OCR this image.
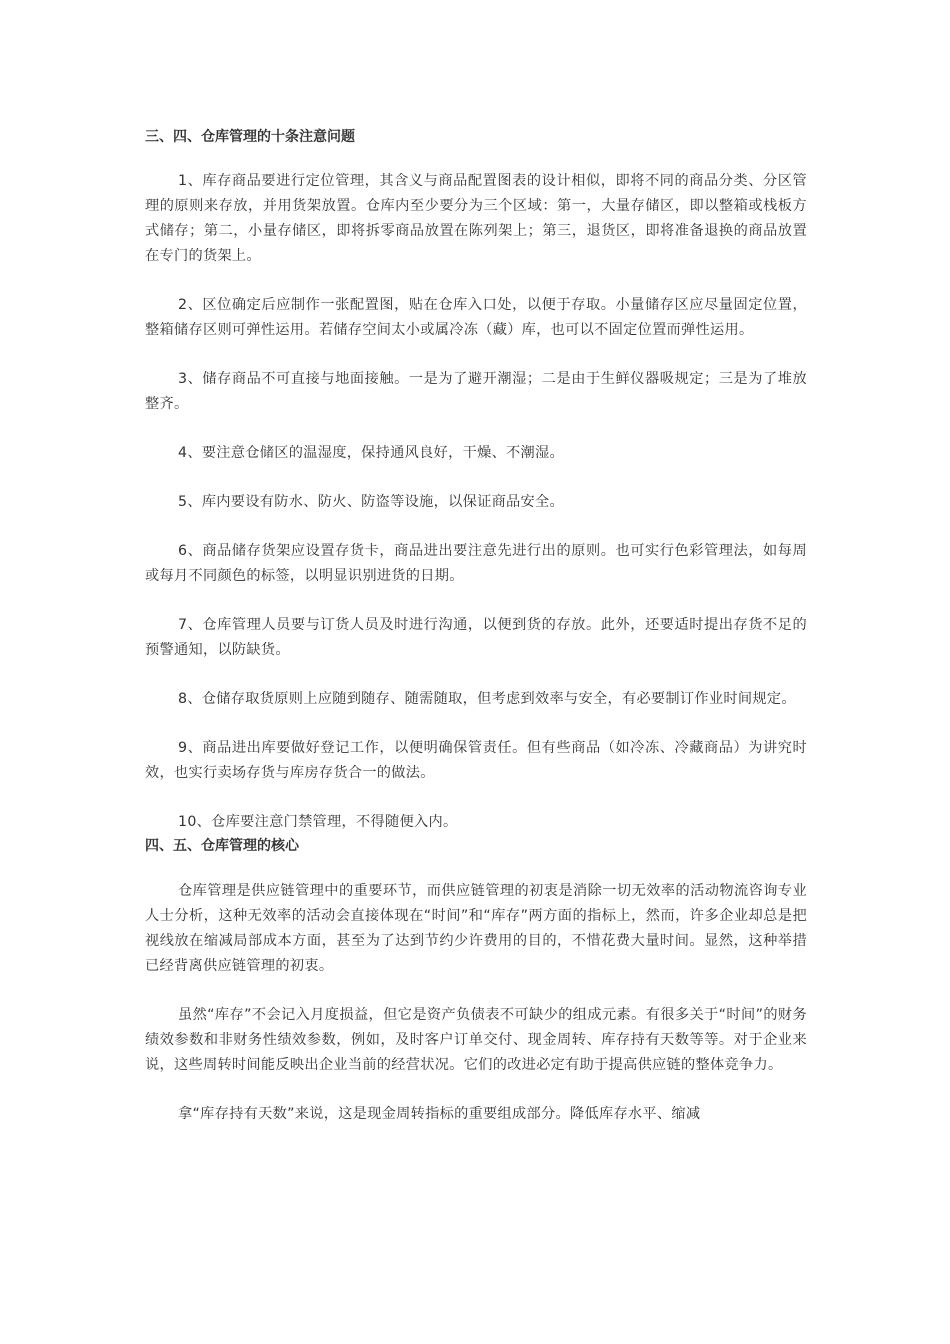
三、四、仓库管理的十条注意问题

1、库存商品要进行定位管理，其含义与商品配置图表的设计相似，即将不同的商品分类、分区管理的原则来存放，并用货架放置。仓库内至少要分为三个区域：第一，大量存储区，即以整箱或栈板方式储存；第二，小量存储区，即将拆零商品放置在陈列架上；第三，退货区，即将准备退换的商品放置在专门的货架上。

2、区位确定后应制作一张配置图，贴在仓库入口处，以便于存取。小量储存区应尽量固定位置，整箱储存区则可弹性运用。若储存空间太小或属冷冻（藏）库，也可以不固定位置而弹性运用。

3、储存商品不可直接与地面接触。一是为了避开潮湿；二是由于生鲜仪器吸规定；三是为了堆放整齐。

4、要注意仓储区的温湿度，保持通风良好，干燥、不潮湿。

5、库内要设有防水、防火、防盗等设施，以保证商品安全。

6、商品储存货架应设置存货卡，商品进出要注意先进行出的原则。也可实行色彩管理法，如每周或每月不同颜色的标签，以明显识别进货的日期。

7、仓库管理人员要与订货人员及时进行沟通，以便到货的存放。此外，还要适时提出存货不足的预警通知，以防缺货。

8、仓储存取货原则上应随到随存、随需随取，但考虑到效率与安全，有必要制订作业时间规定。

9、商品进出库要做好登记工作，以便明确保管责任。但有些商品（如冷冻、冷藏商品）为讲究时效，也实行卖场存货与库房存货合一的做法。

10、仓库要注意门禁管理，不得随便入内。

四、五、仓库管理的核心

仓库管理是供应链管理中的重要环节，而供应链管理的初衷是消除一切无效率的活动物流咨询专业人士分析，这种无效率的活动会直接体现在“时间”和“库存”两方面的指标上，然而，许多企业却总是把视线放在缩减局部成本方面，甚至为了达到节约少许费用的目的，不惜花费大量时间。显然，这种举措已经背离供应链管理的初衷。

虽然“库存”不会记入月度损益，但它是资产负债表不可缺少的组成元素。有很多关于“时间”的财务绩效参数和非财务性绩效参数，例如，及时客户订单交付、现金周转、库存持有天数等等。对于企业来说，这些周转时间能反映出企业当前的经营状况。它们的改进必定有助于提高供应链的整体竞争力。

拿“库存持有天数”来说，这是现金周转指标的重要组成部分。降低库存水平、缩减
